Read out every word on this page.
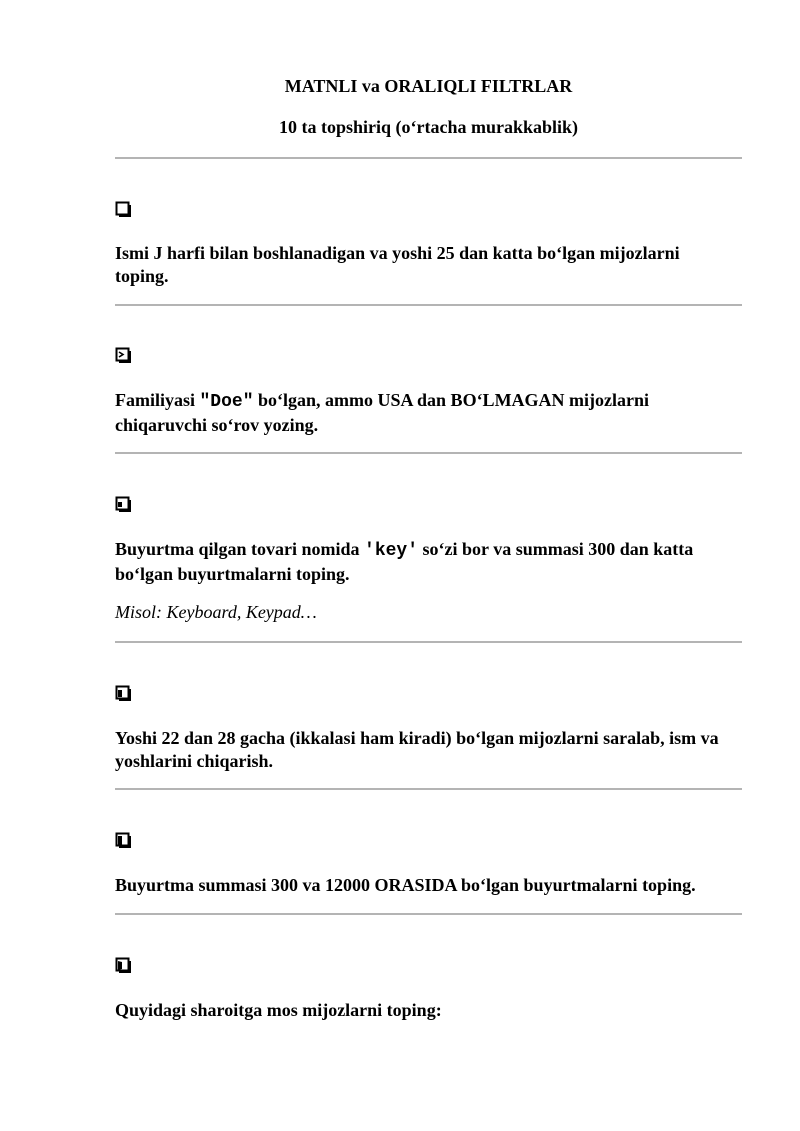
MATNLI va ORALIQLI FILTRLAR
10 ta topshiriq (oʻrtacha murakkablik)

Ismi J harfi bilan boshlanadigan va yoshi 25 dan katta boʻlgan mijozlarni toping.

Familiyasi "Doe" boʻlgan, ammo USA dan BOʻLMAGAN mijozlarni chiqaruvchi soʻrov yozing.

Buyurtma qilgan tovari nomida 'key' soʻzi bor va summasi 300 dan katta boʻlgan buyurtmalarni toping.

Misol: Keyboard, Keypad…

Yoshi 22 dan 28 gacha (ikkalasi ham kiradi) boʻlgan mijozlarni saralab, ism va yoshlarini chiqarish.

Buyurtma summasi 300 va 12000 ORASIDA boʻlgan buyurtmalarni toping.

Quyidagi sharoitga mos mijozlarni toping:
